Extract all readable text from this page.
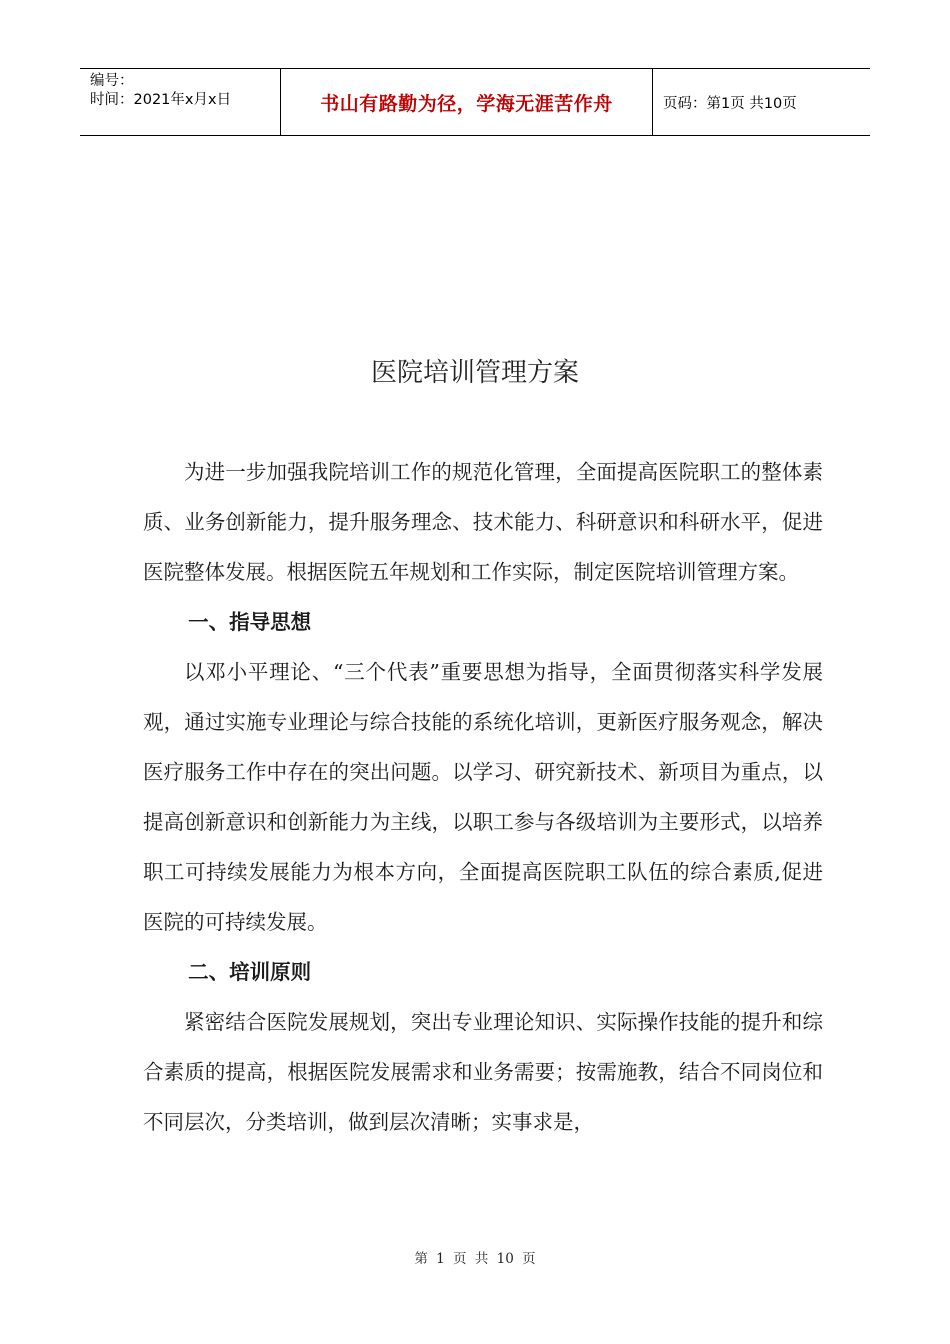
编号：
时间：2021年x月x日	书山有路勤为径，学海无涯苦作舟	页码：第1页 共10页
医院培训管理方案

为进一步加强我院培训工作的规范化管理，全面提高医院职工的整体素质、业务创新能力，提升服务理念、技术能力、科研意识和科研水平，促进医院整体发展。根据医院五年规划和工作实际，制定医院培训管理方案。

一、指导思想

以邓小平理论、“三个代表”重要思想为指导，全面贯彻落实科学发展观，通过实施专业理论与综合技能的系统化培训，更新医疗服务观念，解决医疗服务工作中存在的突出问题。以学习、研究新技术、新项目为重点，以提高创新意识和创新能力为主线，以职工参与各级培训为主要形式，以培养职工可持续发展能力为根本方向，全面提高医院职工队伍的综合素质,促进医院的可持续发展。

二、培训原则

紧密结合医院发展规划，突出专业理论知识、实际操作技能的提升和综合素质的提高，根据医院发展需求和业务需要；按需施教，结合不同岗位和不同层次，分类培训，做到层次清晰；实事求是，

第 1 页 共 10 页
